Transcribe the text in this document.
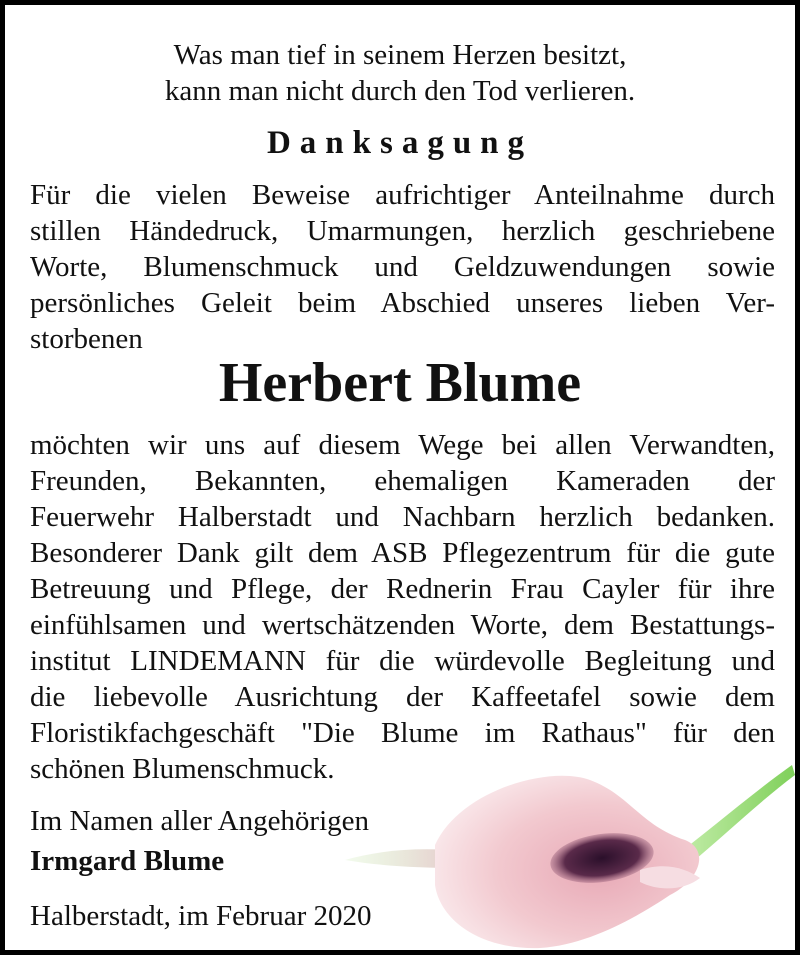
Was man tief in seinem Herzen besitzt,
kann man nicht durch den Tod verlieren.
Danksagung
Für die vielen Beweise aufrichtiger Anteilnahme durch
stillen Händedruck, Umarmungen, herzlich geschriebene
Worte, Blumenschmuck und Geldzuwendungen sowie
persönliches Geleit beim Abschied unseres lieben Ver-
storbenen
Herbert Blume
möchten wir uns auf diesem Wege bei allen Verwandten,
Freunden, Bekannten, ehemaligen Kameraden der
Feuerwehr Halberstadt und Nachbarn herzlich bedanken.
Besonderer Dank gilt dem ASB Pflegezentrum für die gute
Betreuung und Pflege, der Rednerin Frau Cayler für ihre
einfühlsamen und wertschätzenden Worte, dem Bestattungs-
institut LINDEMANN für die würdevolle Begleitung und
die liebevolle Ausrichtung der Kaffeetafel sowie dem
Floristikfachgeschäft "Die Blume im Rathaus" für den
schönen Blumenschmuck.
Im Namen aller Angehörigen
Irmgard Blume
Halberstadt, im Februar 2020
